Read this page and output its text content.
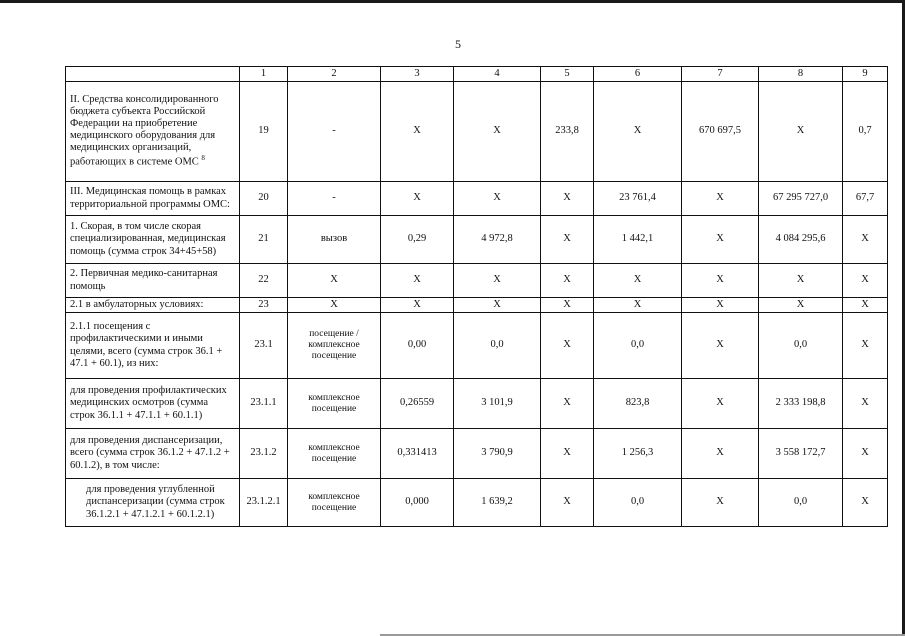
5
	1	2	3	4	5	6	7	8	9
II. Средства консолидированного бюджета субъекта Российской Федерации на приобретение медицинского оборудования для медицинских организаций, работающих в системе ОМС $^8$	19	-	X	X	233,8	X	670 697,5	X	0,7
III. Медицинская помощь в рамках территориальной программы ОМС:	20	-	X	X	X	23 761,4	X	67 295 727,0	67,7
1. Скорая, в том числе скорая специализированная, медицинская помощь (сумма строк 34+45+58)	21	вызов	0,29	4 972,8	X	1 442,1	X	4 084 295,6	X
2. Первичная медико-санитарная помощь	22	X	X	X	X	X	X	X	X
2.1 в амбулаторных условиях:	23	X	X	X	X	X	X	X	X
2.1.1 посещения с профилактическими и иными целями, всего (сумма строк 36.1 + 47.1 + 60.1), из них:	23.1	посещение / комплексное посещение	0,00	0,0	X	0,0	X	0,0	X
для проведения профилактических медицинских осмотров (сумма строк 36.1.1 + 47.1.1 + 60.1.1)	23.1.1	комплексное посещение	0,26559	3 101,9	X	823,8	X	2 333 198,8	X
для проведения диспансеризации, всего (сумма строк 36.1.2 + 47.1.2 + 60.1.2), в том числе:	23.1.2	комплексное посещение	0,331413	3 790,9	X	1 256,3	X	3 558 172,7	X
для проведения углубленной диспансеризации (сумма строк 36.1.2.1 + 47.1.2.1 + 60.1.2.1)	23.1.2.1	комплексное посещение	0,000	1 639,2	X	0,0	X	0,0	X
